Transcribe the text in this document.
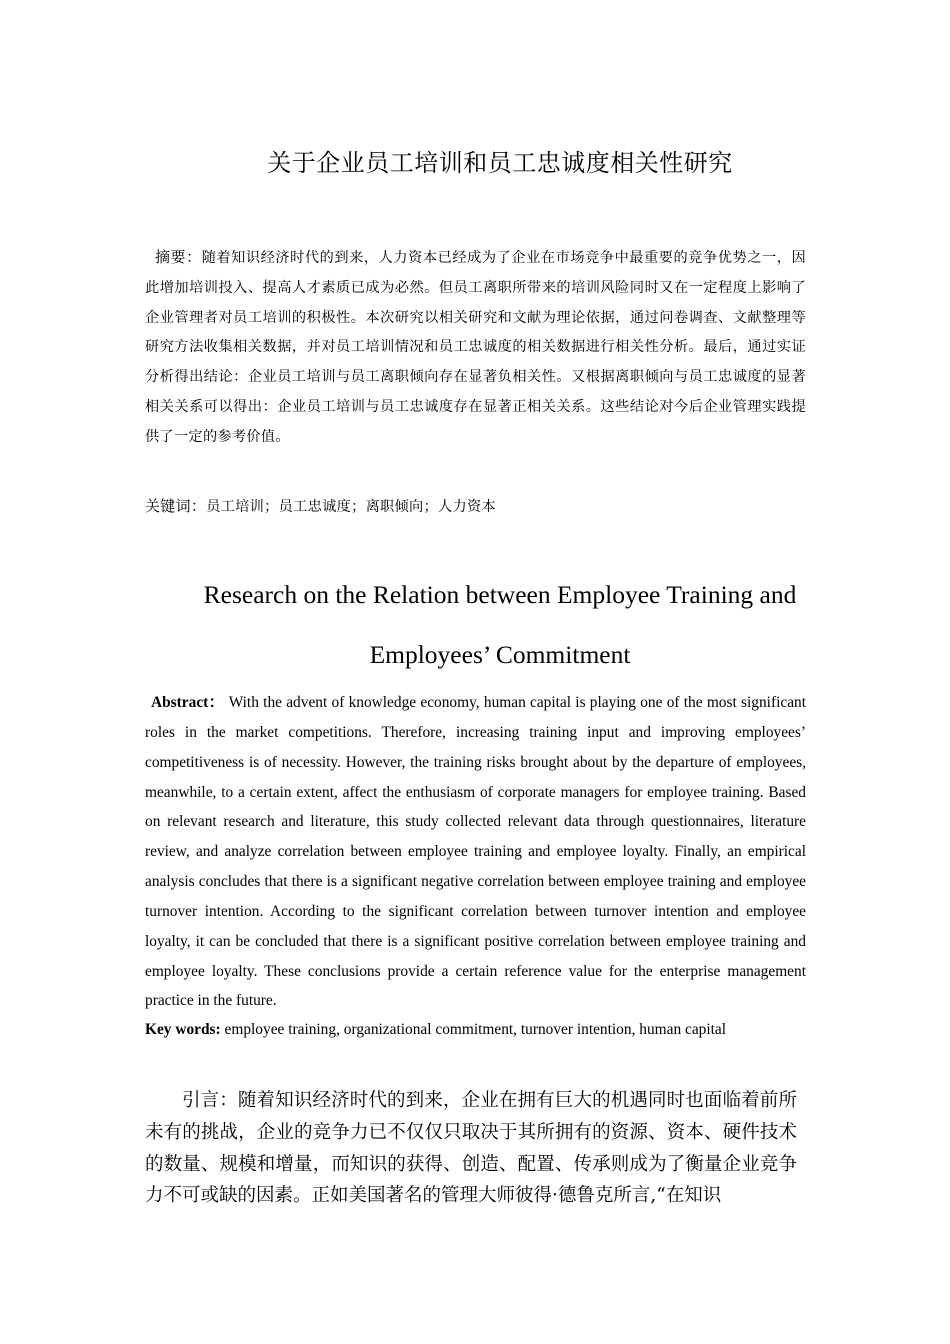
关于企业员工培训和员工忠诚度相关性研究
摘要：随着知识经济时代的到来，人力资本已经成为了企业在市场竞争中最重要的竞争优势之一，因此增加培训投入、提高人才素质已成为必然。但员工离职所带来的培训风险同时又在一定程度上影响了企业管理者对员工培训的积极性。本次研究以相关研究和文献为理论依据，通过问卷调查、文献整理等研究方法收集相关数据，并对员工培训情况和员工忠诚度的相关数据进行相关性分析。最后，通过实证分析得出结论：企业员工培训与员工离职倾向存在显著负相关性。又根据离职倾向与员工忠诚度的显著相关关系可以得出：企业员工培训与员工忠诚度存在显著正相关关系。这些结论对今后企业管理实践提供了一定的参考价值。
关键词：员工培训；员工忠诚度；离职倾向；人力资本
Research on the Relation between Employee Training and
Employees’ Commitment
Abstract： With the advent of knowledge economy, human capital is playing one of the most significant roles in the market competitions. Therefore, increasing training input and improving employees’ competitiveness is of necessity. However, the training risks brought about by the departure of employees, meanwhile, to a certain extent, affect the enthusiasm of corporate managers for employee training. Based on relevant research and literature, this study collected relevant data through questionnaires, literature review, and analyze correlation between employee training and employee loyalty. Finally, an empirical analysis concludes that there is a significant negative correlation between employee training and employee turnover intention. According to the significant correlation between turnover intention and employee loyalty, it can be concluded that there is a significant positive correlation between employee training and employee loyalty. These conclusions provide a certain reference value for the enterprise management practice in the future.
Key words: employee training, organizational commitment, turnover intention, human capital
引言：随着知识经济时代的到来，企业在拥有巨大的机遇同时也面临着前所未有的挑战，企业的竞争力已不仅仅只取决于其所拥有的资源、资本、硬件技术的数量、规模和增量，而知识的获得、创造、配置、传承则成为了衡量企业竞争力不可或缺的因素。正如美国著名的管理大师彼得·德鲁克所言,“在知识
